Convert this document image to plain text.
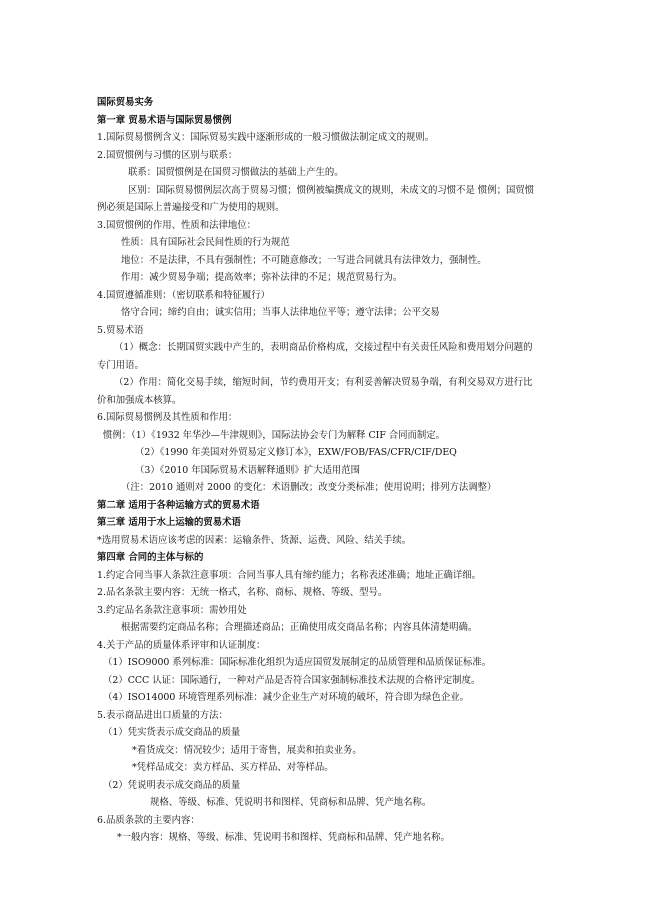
国际贸易实务
第一章 贸易术语与国际贸易惯例
1.国际贸易惯例含义：国际贸易实践中逐渐形成的一般习惯做法制定成文的规则。
2.国贸惯例与习惯的区别与联系：
联系：国贸惯例是在国贸习惯做法的基础上产生的。
区别：国际贸易惯例层次高于贸易习惯；惯例被编撰成文的规则，未成文的习惯不是 惯例；国贸惯
例必须是国际上普遍接受和广为使用的规则。
3.国贸惯例的作用、性质和法律地位：
性质：具有国际社会民间性质的行为规范
地位：不是法律，不具有强制性；不可随意修改；一写进合同就具有法律效力，强制性。
作用：减少贸易争端；提高效率；弥补法律的不足；规范贸易行为。
4.国贸遵循准则：（密切联系和特征履行）
恪守合同；缔约自由；诚实信用；当事人法律地位平等；遵守法律；公平交易
5.贸易术语
（1）概念：长期国贸实践中产生的，表明商品价格构成，交接过程中有关责任风险和费用划分问题的
专门用语。
（2）作用：简化交易手续，缩短时间，节约费用开支；有利妥善解决贸易争端，有利交易双方进行比
价和加强成本核算。
6.国际贸易惯例及其性质和作用：
惯例：（1）《1932 年华沙—牛津规则》，国际法协会专门为解释 CIF 合同而制定。
（2）《1990 年美国对外贸易定义修订本》，EXW/FOB/FAS/CFR/CIF/DEQ
（3）《2010 年国际贸易术语解释通则》扩大适用范围
（注：2010 通则对 2000 的变化：术语删改；改变分类标准；使用说明；排列方法调整）
第二章 适用于各种运输方式的贸易术语
第三章 适用于水上运输的贸易术语
*选用贸易术语应该考虑的因素：运输条件、货源、运费、风险、结关手续。
第四章 合同的主体与标的
1.约定合同当事人条款注意事项：合同当事人具有缔约能力；名称表述准确；地址正确详细。
2.品名条款主要内容：无统一格式，名称、商标、规格、等级、型号。
3.约定品名条款注意事项：需妙用处
根据需要约定商品名称；合理描述商品；正确使用成交商品名称；内容具体清楚明确。
4.关于产品的质量体系评审和认证制度：
（1）ISO9000 系列标准：国际标准化组织为适应国贸发展制定的品质管理和品质保证标准。
（2）CCC 认证：国际通行，一种对产品是否符合国家强制标准技术法规的合格评定制度。
（4）ISO14000 环境管理系列标准：减少企业生产对环境的破坏，符合即为绿色企业。
5.表示商品进出口质量的方法：
（1）凭实货表示成交商品的质量
*看货成交：情况较少；适用于寄售，展卖和拍卖业务。
*凭样品成交：卖方样品、买方样品、对等样品。
（2）凭说明表示成交商品的质量
规格、等级、标准、凭说明书和图样、凭商标和品牌、凭产地名称。
6.品质条款的主要内容：
*一般内容：规格、等级、标准、凭说明书和图样、凭商标和品牌、凭产地名称。
